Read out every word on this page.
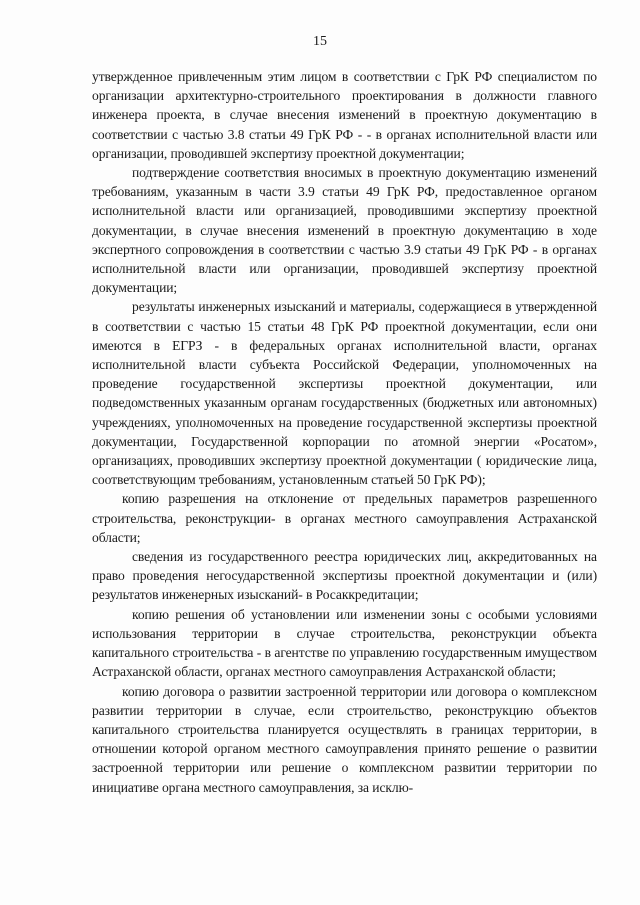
15

утвержденное привлеченным этим лицом в соответствии с ГрК РФ специалистом по организации архитектурно-строительного проектирования в должности главного инженера проекта, в случае внесения изменений в проектную документацию в соответствии с частью 3.8 статьи 49 ГрК РФ - - в органах исполнительной власти или организации, проводившей экспертизу проектной документации;

подтверждение соответствия вносимых в проектную документацию изменений требованиям, указанным в части 3.9 статьи 49 ГрК РФ, предоставленное органом исполнительной власти или организацией, проводившими экспертизу проектной документации, в случае внесения изменений в проектную документацию в ходе экспертного сопровождения в соответствии с частью 3.9 статьи 49 ГрК РФ - в органах исполнительной власти или организации, проводившей экспертизу проектной документации;

результаты инженерных изысканий и материалы, содержащиеся в утвержденной в соответствии с частью 15 статьи 48 ГрК РФ проектной документации, если они имеются в ЕГРЗ - в федеральных органах исполнительной власти, органах исполнительной власти субъекта Российской Федерации, уполномоченных на проведение государственной экспертизы проектной документации, или подведомственных указанным органам государственных (бюджетных или автономных) учреждениях, уполномоченных на проведение государственной экспертизы проектной документации, Государственной корпорации по атомной энергии «Росатом», организациях, проводивших экспертизу проектной документации ( юридические лица, соответствующим требованиям, установленным статьей 50 ГрК РФ);

копию разрешения на отклонение от предельных параметров разрешенного строительства, реконструкции- в органах местного самоуправления Астраханской области;

сведения из государственного реестра юридических лиц, аккредитованных на право проведения негосударственной экспертизы проектной документации и (или) результатов инженерных изысканий- в Росаккредитации;

копию решения об установлении или изменении зоны с особыми условиями использования территории в случае строительства, реконструкции объекта капитального строительства - в агентстве по управлению государственным имуществом Астраханской области, органах местного самоуправления Астраханской области;

копию договора о развитии застроенной территории или договора о комплексном развитии территории в случае, если строительство, реконструкцию объектов капитального строительства планируется осуществлять в границах территории, в отношении которой органом местного самоуправления принято решение о развитии застроенной территории или решение о комплексном развитии территории по инициативе органа местного самоуправления, за исклю-
